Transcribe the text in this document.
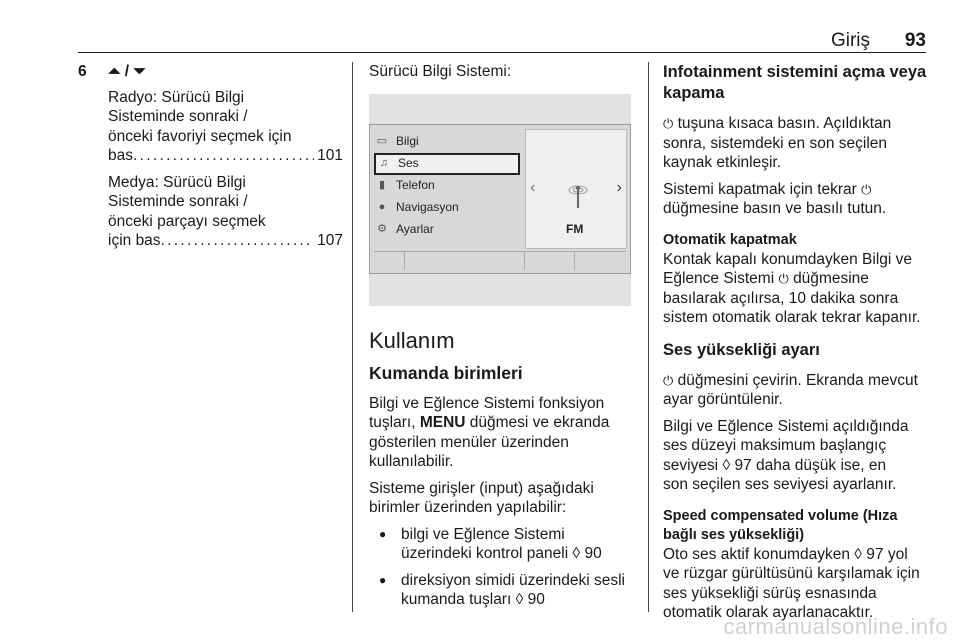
Giriş 93
6	⏶ / ⏷

Radyo: Sürücü Bilgi
Sisteminde sonraki /
önceki favoriyi seçmek için
bas . . .	101

Medya: Sürücü Bilgi
Sisteminde sonraki /
önceki parçayı seçmek
için bas . . .	107

Sürücü Bilgi Sistemi:

▭ Bilgi
♫ Ses
▮ Telefon
● Navigasyon
⚙ Ayarlar
‹
FM
›
Kullanım
Kumanda birimleri

Bilgi ve Eğlence Sistemi fonksiyon
tuşları, MENU düğmesi ve ekranda
gösterilen menüler üzerinden
kullanılabilir.

Sisteme girişler (input) aşağıdaki
birimler üzerinden yapılabilir:

● bilgi ve Eğlence Sistemi
üzerindeki kontrol paneli ◊ 90
● direksiyon simidi üzerindeki sesli
kumanda tuşları ◊ 90
Infotainment sistemini açma veya
kapama

⏻ tuşuna kısaca basın. Açıldıktan
sonra, sistemdeki en son seçilen
kaynak etkinleşir.

Sistemi kapatmak için tekrar ⏻
düğmesine basın ve basılı tutun.

Otomatik kapatmak

Kontak kapalı konumdayken Bilgi ve
Eğlence Sistemi ⏻ düğmesine
basılarak açılırsa, 10 dakika sonra
sistem otomatik olarak tekrar kapanır.

Ses yüksekliği ayarı

⏻ düğmesini çevirin. Ekranda mevcut
ayar görüntülenir.

Bilgi ve Eğlence Sistemi açıldığında
ses düzeyi maksimum başlangıç
seviyesi ◊ 97 daha düşük ise, en
son seçilen ses seviyesi ayarlanır.

Speed compensated volume (Hıza
bağlı ses yüksekliği)

Oto ses aktif konumdayken ◊ 97 yol
ve rüzgar gürültüsünü karşılamak için
ses yüksekliği sürüş esnasında
otomatik olarak ayarlanacaktır.

carmanualsonline.info
